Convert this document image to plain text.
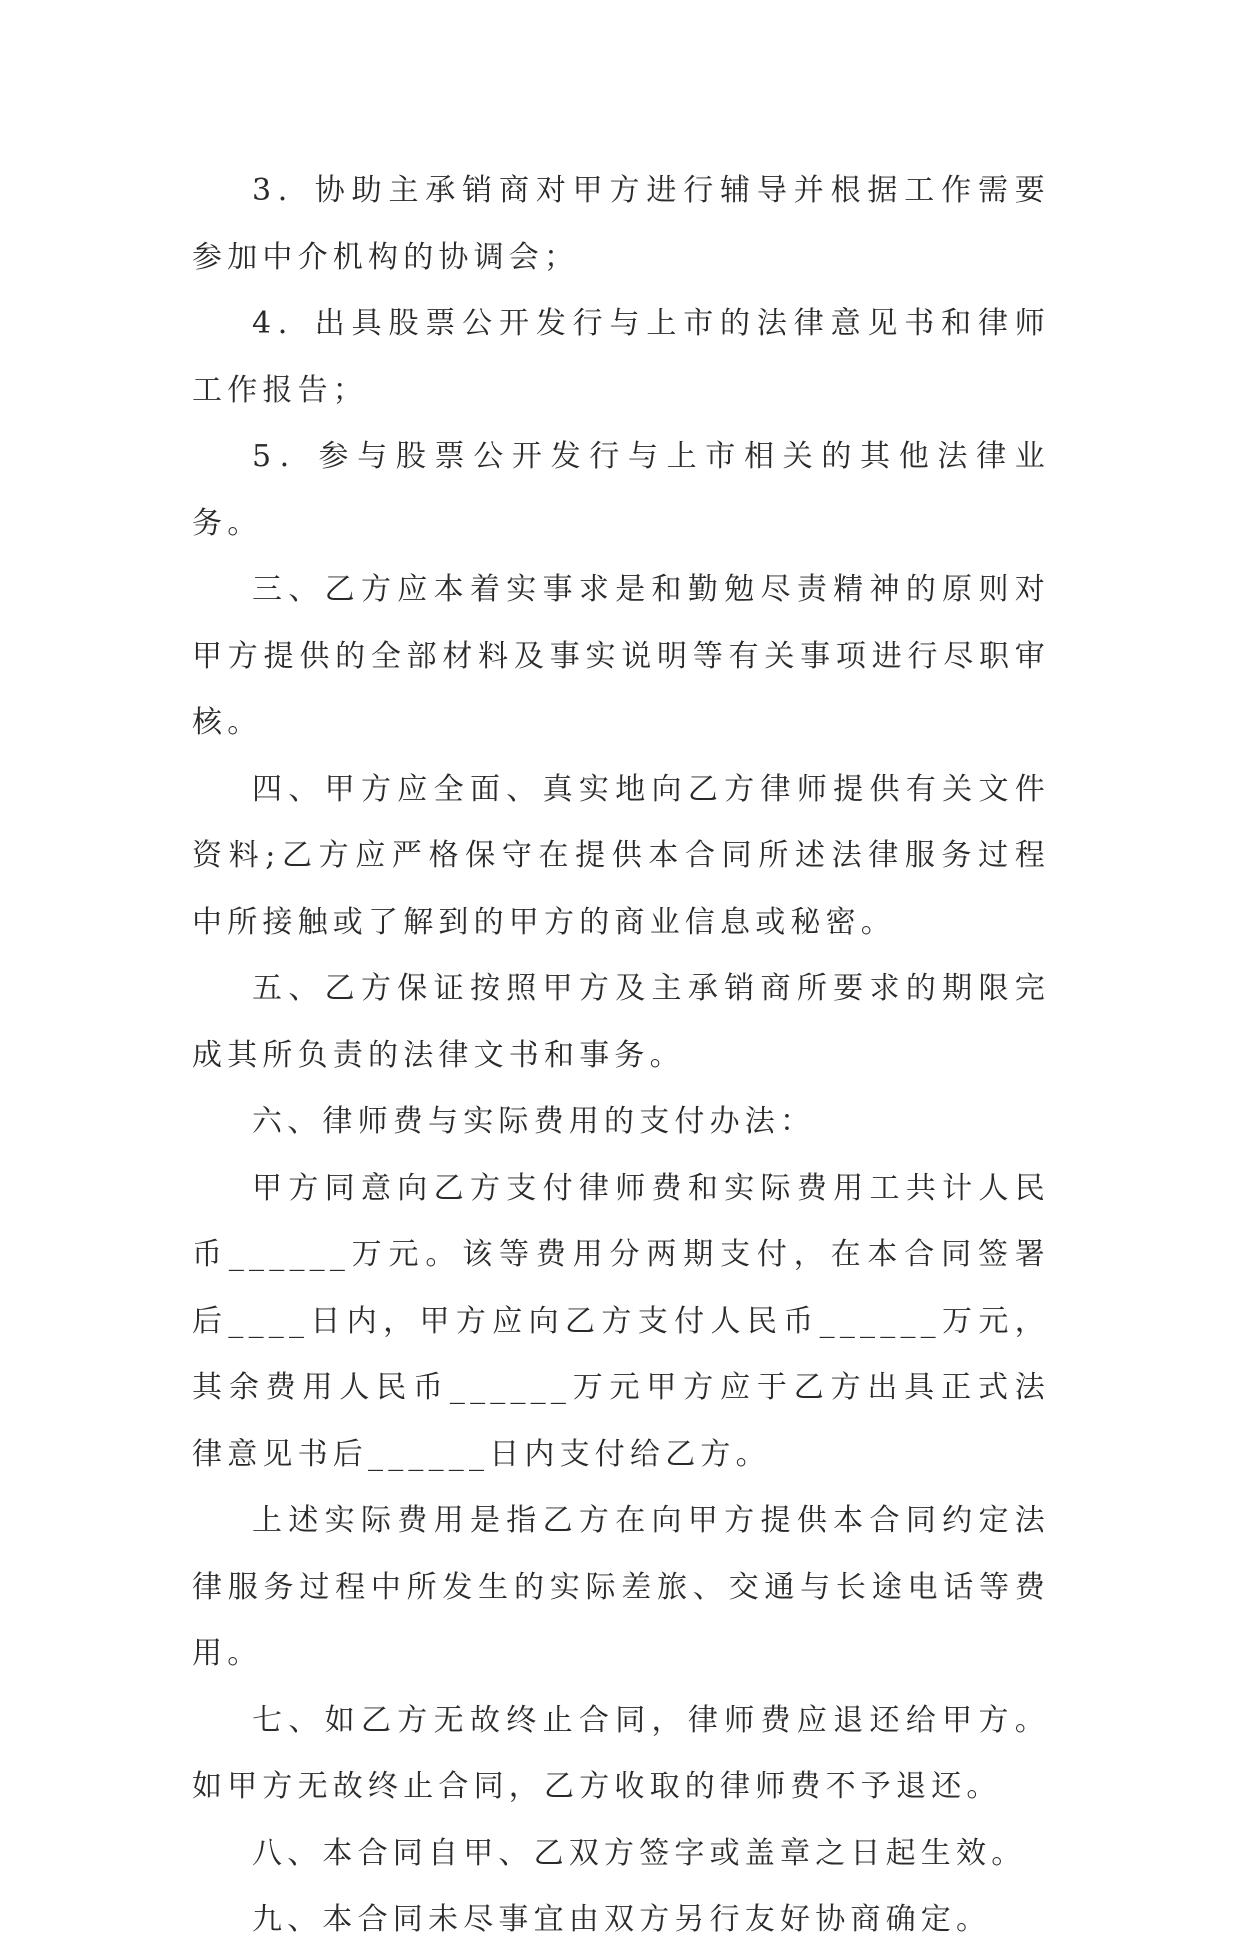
3．协助主承销商对甲方进行辅导并根据工作需要参加中介机构的协调会；

4．出具股票公开发行与上市的法律意见书和律师工作报告；

5．参与股票公开发行与上市相关的其他法律业务。

三、乙方应本着实事求是和勤勉尽责精神的原则对甲方提供的全部材料及事实说明等有关事项进行尽职审核。

四、甲方应全面、真实地向乙方律师提供有关文件资料;乙方应严格保守在提供本合同所述法律服务过程中所接触或了解到的甲方的商业信息或秘密。

五、乙方保证按照甲方及主承销商所要求的期限完成其所负责的法律文书和事务。

六、律师费与实际费用的支付办法：

甲方同意向乙方支付律师费和实际费用工共计人民币______万元。该等费用分两期支付，在本合同签署后____日内，甲方应向乙方支付人民币______万元，其余费用人民币______万元甲方应于乙方出具正式法律意见书后______日内支付给乙方。

上述实际费用是指乙方在向甲方提供本合同约定法律服务过程中所发生的实际差旅、交通与长途电话等费用。

七、如乙方无故终止合同，律师费应退还给甲方。如甲方无故终止合同，乙方收取的律师费不予退还。

八、本合同自甲、乙双方签字或盖章之日起生效。

九、本合同未尽事宜由双方另行友好协商确定。
